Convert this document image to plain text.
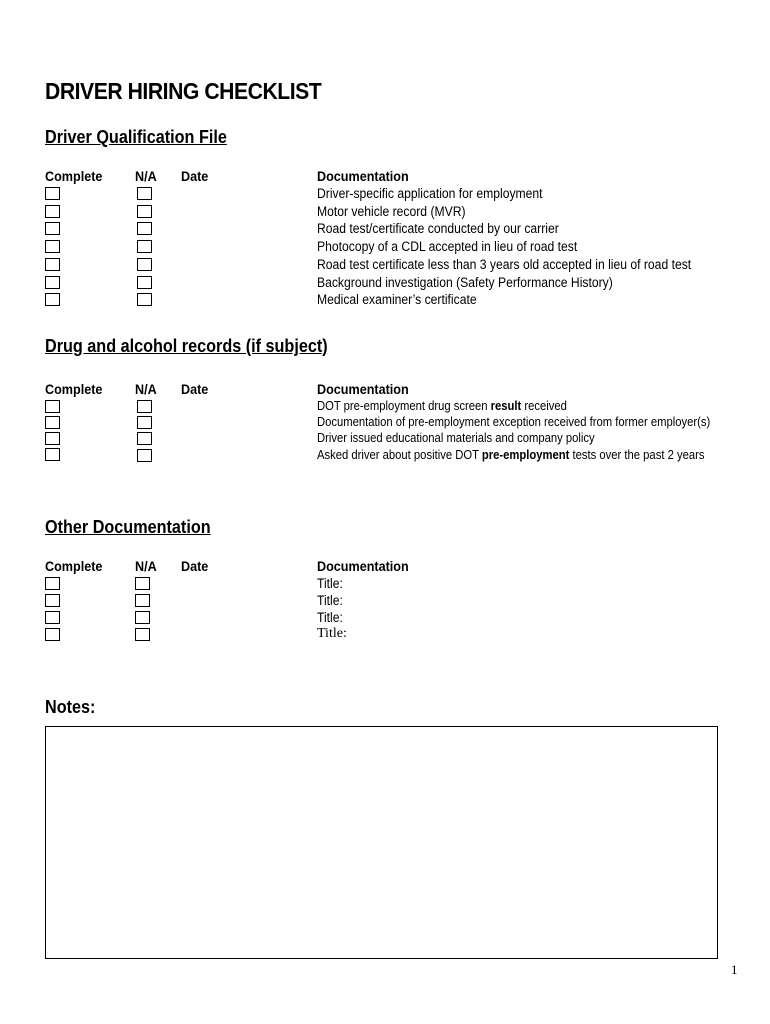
DRIVER HIRING CHECKLIST
Driver Qualification File
Complete N/A Date	Documentation
Driver-specific application for employment
Motor vehicle record (MVR)
Road test/certificate conducted by our carrier
Photocopy of a CDL accepted in lieu of road test
Road test certificate less than 3 years old accepted in lieu of road test
Background investigation (Safety Performance History)
Medical examiner’s certificate
Drug and alcohol records (if subject)
Complete N/A Date	Documentation
DOT pre-employment drug screen result received
Documentation of pre-employment exception received from former employer(s)
Driver issued educational materials and company policy
Asked driver about positive DOT pre-employment tests over the past 2 years
Other Documentation
Complete N/A Date	Documentation
Title:
Title:
Title:
Title:
Notes:
1
